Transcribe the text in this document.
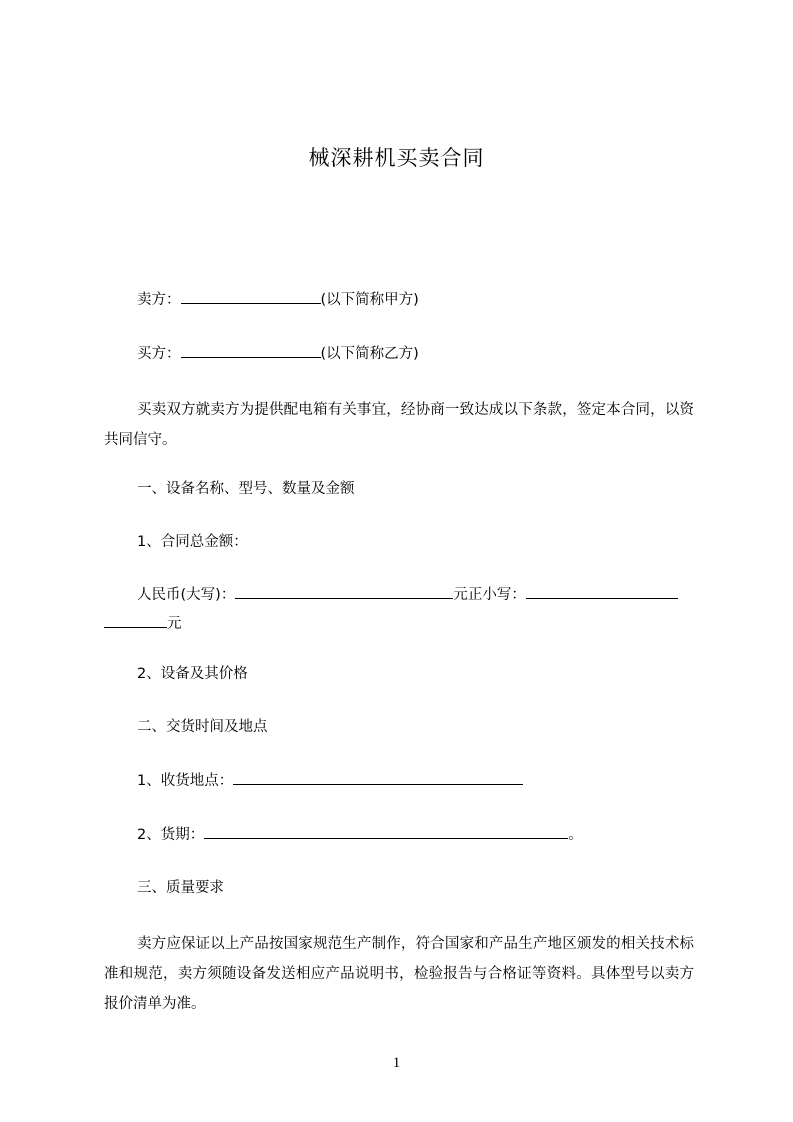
械深耕机买卖合同
卖方：	(以下简称甲方)
买方：	(以下简称乙方)
买卖双方就卖方为提供配电箱有关事宜，经协商一致达成以下条款，签定本合同，以资共同信守。
一、设备名称、型号、数量及金额
1、合同总金额：
人民币(大写)：	元正小写：
元
2、设备及其价格
二、交货时间及地点
1、收货地点：
2、货期：	。
三、质量要求
卖方应保证以上产品按国家规范生产制作，符合国家和产品生产地区颁发的相关技术标准和规范，卖方须随设备发送相应产品说明书，检验报告与合格证等资料。具体型号以卖方报价清单为准。
1
